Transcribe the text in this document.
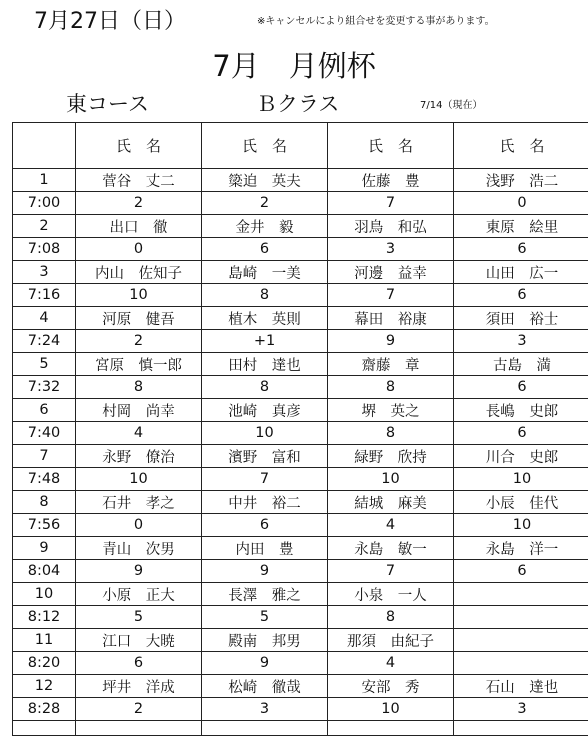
7月27日（日）	※キャンセルにより組合せを変更する事があります。
7月　月例杯
東コース	Ｂクラス	7/14（現在）
	氏　名	氏　名	氏　名	氏　名
1	菅谷　丈二	簗迫　英夫	佐藤　豊	浅野　浩二
7:00	2	2	7	0
2	出口　徹	金井　毅	羽鳥　和弘	東原　絵里
7:08	0	6	3	6
3	内山　佐知子	島崎　一美	河邊　益幸	山田　広一
7:16	10	8	7	6
4	河原　健吾	植木　英則	幕田　裕康	須田　裕士
7:24	2	+1	9	3
5	宮原　慎一郎	田村　達也	齋藤　章	古島　満
7:32	8	8	8	6
6	村岡　尚幸	池崎　真彦	堺　英之	長嶋　史郎
7:40	4	10	8	6
7	永野　僚治	濱野　富和	緑野　欣持	川合　史郎
7:48	10	7	10	10
8	石井　孝之	中井　裕二	結城　麻美	小辰　佳代
7:56	0	6	4	10
9	青山　次男	内田　豊	永島　敏一	永島　洋一
8:04	9	9	7	6
10	小原　正大	長澤　雅之	小泉　一人	
8:12	5	5	8	
11	江口　大暁	殿南　邦男	那須　由紀子	
8:20	6	9	4	
12	坪井　洋成	松崎　徹哉	安部　秀	石山　達也
8:28	2	3	10	3
